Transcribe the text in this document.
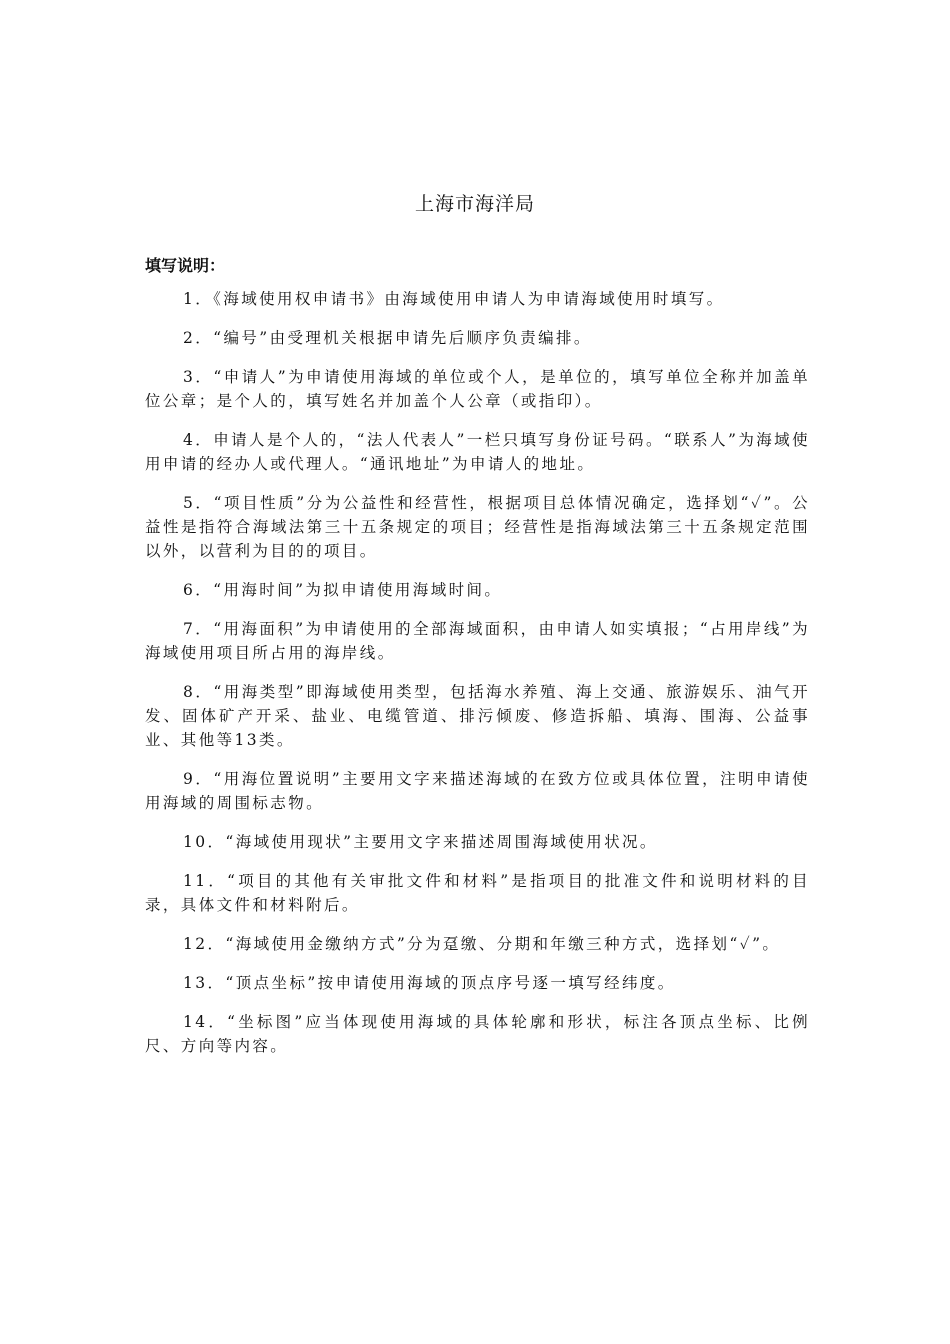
上海市海洋局
填写说明：

1．《海域使用权申请书》由海域使用申请人为申请海域使用时填写。

2．“编号”由受理机关根据申请先后顺序负责编排。

3．“申请人”为申请使用海域的单位或个人，是单位的，填写单位全称并加盖单位公章；是个人的，填写姓名并加盖个人公章（或指印）。

4．申请人是个人的，“法人代表人”一栏只填写身份证号码。“联系人”为海域使用申请的经办人或代理人。“通讯地址”为申请人的地址。

5．“项目性质”分为公益性和经营性，根据项目总体情况确定，选择划“✓”。公益性是指符合海域法第三十五条规定的项目；经营性是指海域法第三十五条规定范围以外，以营利为目的的项目。

6．“用海时间”为拟申请使用海域时间。

7．“用海面积”为申请使用的全部海域面积，由申请人如实填报；“占用岸线”为海域使用项目所占用的海岸线。

8．“用海类型”即海域使用类型，包括海水养殖、海上交通、旅游娱乐、油气开发、固体矿产开采、盐业、电缆管道、排污倾废、修造拆船、填海、围海、公益事业、其他等13类。

9．“用海位置说明”主要用文字来描述海域的在致方位或具体位置，注明申请使用海域的周围标志物。

10．“海域使用现状”主要用文字来描述周围海域使用状况。

11．“项目的其他有关审批文件和材料”是指项目的批准文件和说明材料的目录，具体文件和材料附后。

12．“海域使用金缴纳方式”分为趸缴、分期和年缴三种方式，选择划“✓”。

13．“顶点坐标”按申请使用海域的顶点序号逐一填写经纬度。

14．“坐标图”应当体现使用海域的具体轮廓和形状，标注各顶点坐标、比例尺、方向等内容。
